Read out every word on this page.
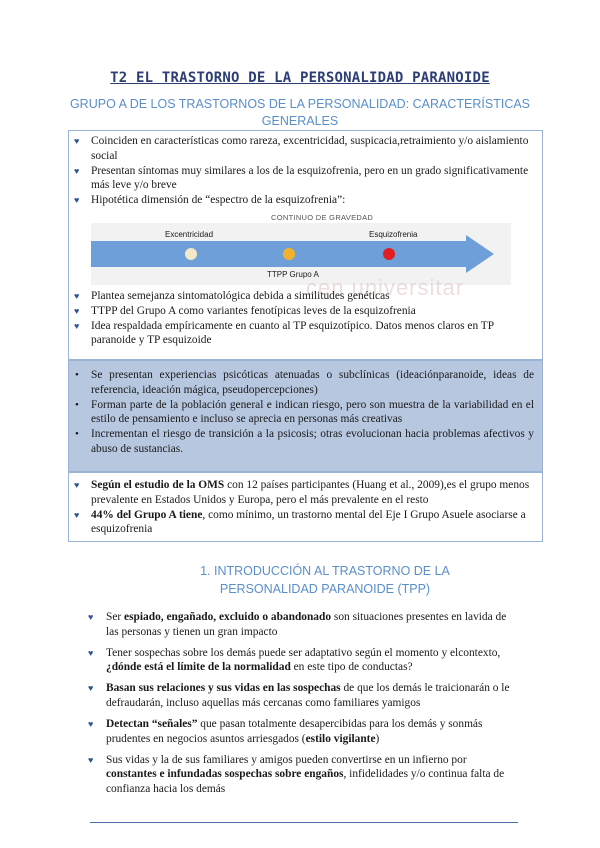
T2 EL TRASTORNO DE LA PERSONALIDAD PARANOIDE
GRUPO A DE LOS TRASTORNOS DE LA PERSONALIDAD: CARACTERÍSTICAS GENERALES
♥ Coinciden en características como rareza, excentricidad, suspicacia,retraimiento y/o aislamiento social
♥ Presentan síntomas muy similares a los de la esquizofrenia, pero en un grado significativamente más leve y/o breve
♥ Hipotética dimensión de “espectro de la esquizofrenia”:
cen universitar
CONTINUO DE GRAVEDAD
Excentricidad	Esquizofrenia
TTPP Grupo A
♥ Plantea semejanza sintomatológica debida a similitudes genéticas
♥ TTPP del Grupo A como variantes fenotípicas leves de la esquizofrenia
♥ Idea respaldada empíricamente en cuanto al TP esquizotípico. Datos menos claros en TP paranoide y TP esquizoide
• Se presentan experiencias psicóticas atenuadas o subclínicas (ideaciónparanoide, ideas de referencia, ideación mágica, pseudopercepciones)
• Forman parte de la población general e indican riesgo, pero son muestra de la variabilidad en el estilo de pensamiento e incluso se aprecia en personas más creativas
• Incrementan el riesgo de transición a la psicosis; otras evolucionan hacia problemas afectivos y abuso de sustancias.
♥ Según el estudio de la OMS con 12 países participantes (Huang et al., 2009),es el grupo menos prevalente en Estados Unidos y Europa, pero el más prevalente en el resto
♥ 44% del Grupo A tiene, como mínimo, un trastorno mental del Eje I Grupo Asuele asociarse a esquizofrenia
1. INTRODUCCIÓN AL TRASTORNO DE LA PERSONALIDAD PARANOIDE (TPP)
♥ Ser espiado, engañado, excluido o abandonado son situaciones presentes en lavida de las personas y tienen un gran impacto
♥ Tener sospechas sobre los demás puede ser adaptativo según el momento y elcontexto, ¿dónde está el límite de la normalidad en este tipo de conductas?
♥ Basan sus relaciones y sus vidas en las sospechas de que los demás le traicionarán o le defraudarán, incluso aquellas más cercanas como familiares yamigos
♥ Detectan “señales” que pasan totalmente desapercibidas para los demás y sonmás prudentes en negocios asuntos arriesgados (estilo vigilante)
♥ Sus vidas y la de sus familiares y amigos pueden convertirse en un infierno por constantes e infundadas sospechas sobre engaños, infidelidades y/o continua falta de confianza hacia los demás
